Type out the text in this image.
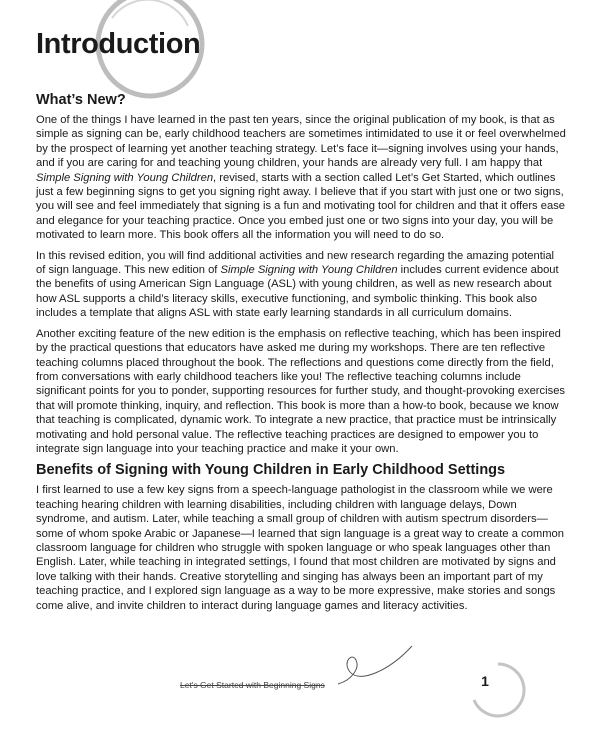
Introduction
What’s New?

One of the things I have learned in the past ten years, since the original publication of my book, is that as simple as signing can be, early childhood teachers are sometimes intimidated to use it or feel overwhelmed by the prospect of learning yet another teaching strategy. Let’s face it—signing involves using your hands, and if you are caring for and teaching young children, your hands are already very full. I am happy that Simple Signing with Young Children, revised, starts with a section called Let’s Get Started, which outlines just a few beginning signs to get you signing right away. I believe that if you start with just one or two signs, you will see and feel immediately that signing is a fun and motivating tool for children and that it offers ease and elegance for your teaching practice. Once you embed just one or two signs into your day, you will be motivated to learn more. This book offers all the information you will need to do so.

In this revised edition, you will find additional activities and new research regarding the amazing potential of sign language. This new edition of Simple Signing with Young Children includes current evidence about the benefits of using American Sign Language (ASL) with young children, as well as new research about how ASL supports a child’s literacy skills, executive functioning, and symbolic thinking. This book also includes a template that aligns ASL with state early learning standards in all curriculum domains.

Another exciting feature of the new edition is the emphasis on reflective teaching, which has been inspired by the practical questions that educators have asked me during my workshops. There are ten reflective teaching columns placed throughout the book. The reflections and questions come directly from the field, from conversations with early childhood teachers like you! The reflective teaching columns include significant points for you to ponder, supporting resources for further study, and thought-provoking exercises that will promote thinking, inquiry, and reflection. This book is more than a how-to book, because we know that teaching is complicated, dynamic work. To integrate a new practice, that practice must be intrinsically motivating and hold personal value. The reflective teaching practices are designed to empower you to integrate sign language into your teaching practice and make it your own.

Benefits of Signing with Young Children in Early Childhood Settings

I first learned to use a few key signs from a speech-language pathologist in the classroom while we were teaching hearing children with learning disabilities, including children with language delays, Down syndrome, and autism. Later, while teaching a small group of children with autism spectrum disorders—some of whom spoke Arabic or Japanese—I learned that sign language is a great way to create a common classroom language for children who struggle with spoken language or who speak languages other than English. Later, while teaching in integrated settings, I found that most children are motivated by signs and love talking with their hands. Creative storytelling and singing has always been an important part of my teaching practice, and I explored sign language as a way to be more expressive, make stories and songs come alive, and invite children to interact during language games and literacy activities.

Let's Get Started with Beginning Signs	1
